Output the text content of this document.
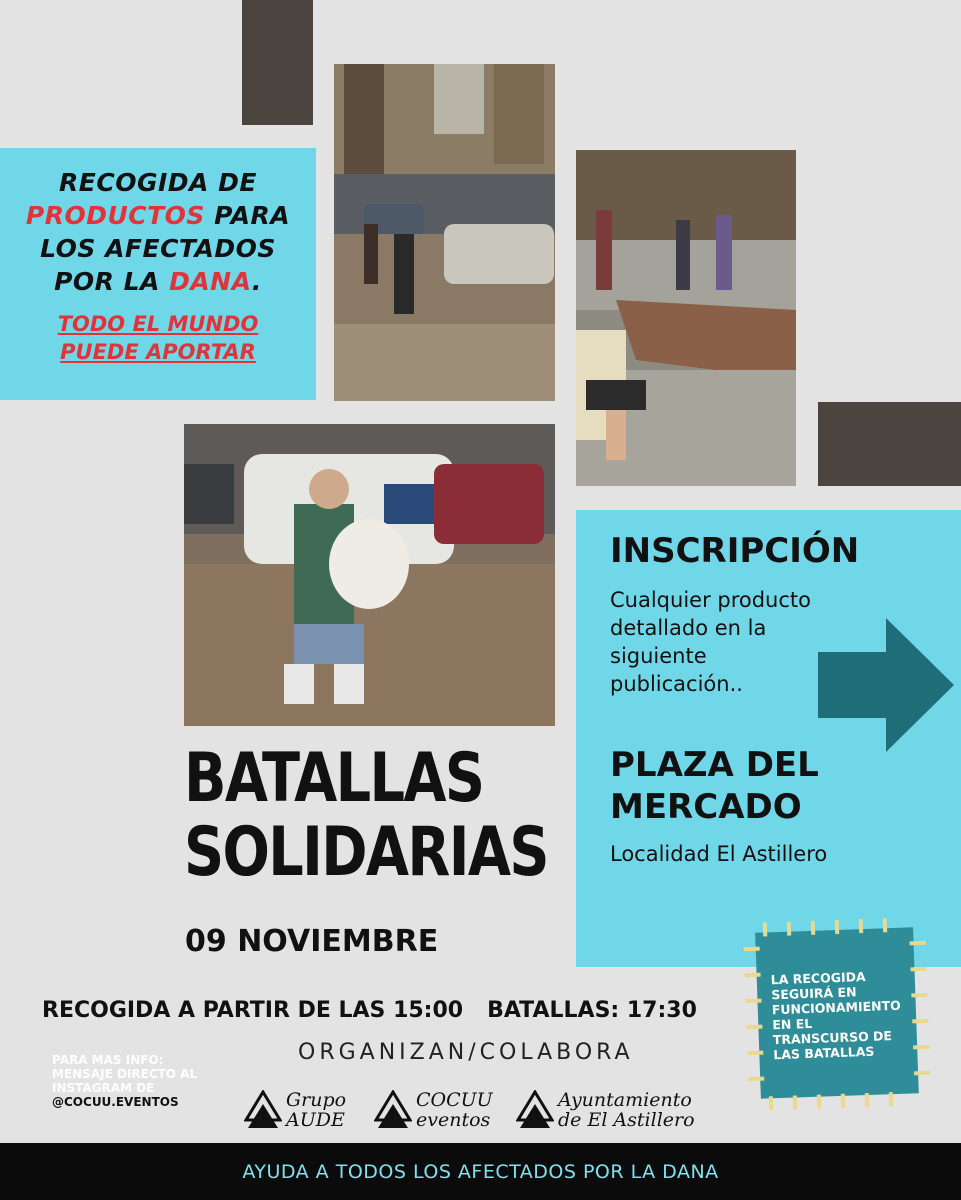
RECOGIDA DE
PRODUCTOS PARA
LOS AFECTADOS
POR LA DANA.
TODO EL MUNDO
PUEDE APORTAR
INSCRIPCIÓN
Cualquier producto
detallado en la
siguiente
publicación..
PLAZA DEL
MERCADO
Localidad El Astillero
BATALLAS
SOLIDARIAS
09 NOVIEMBRE
RECOGIDA A PARTIR DE LAS 15:00 BATALLAS: 17:30
ORGANIZAN/COLABORA
PARA MAS INFO:
MENSAJE DIRECTO AL
INSTAGRAM DE
@COCUU.EVENTOS	Grupo
AUDE
COCUU
eventos
Ayuntamiento
de El Astillero
LA RECOGIDA
SEGUIRÁ EN
FUNCIONAMIENTO
EN EL
TRANSCURSO DE
LAS BATALLAS
AYUDA A TODOS LOS AFECTADOS POR LA DANA
